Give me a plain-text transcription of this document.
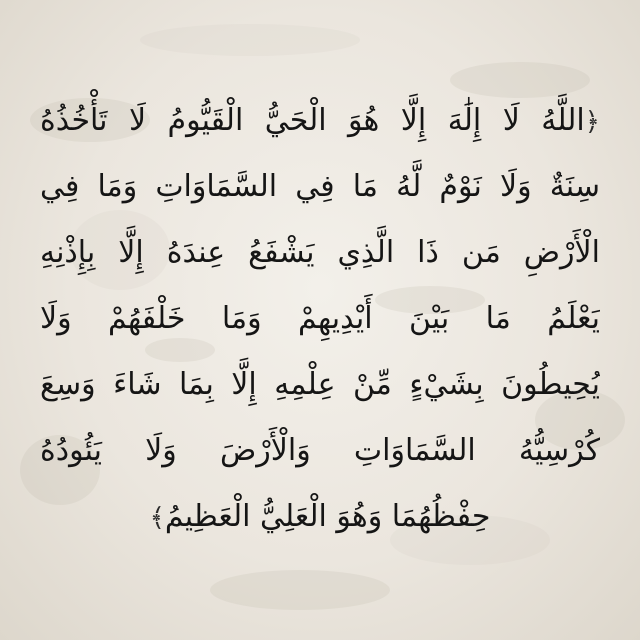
﴿اللَّهُ لَا إِلَٰهَ إِلَّا هُوَ الْحَيُّ الْقَيُّومُ لَا تَأْخُذُهُ
سِنَةٌ وَلَا نَوْمٌ لَّهُ مَا فِي السَّمَاوَاتِ وَمَا فِي
الْأَرْضِ مَن ذَا الَّذِي يَشْفَعُ عِندَهُ إِلَّا بِإِذْنِهِ
يَعْلَمُ مَا بَيْنَ أَيْدِيهِمْ وَمَا خَلْفَهُمْ وَلَا
يُحِيطُونَ بِشَيْءٍ مِّنْ عِلْمِهِ إِلَّا بِمَا شَاءَ وَسِعَ
كُرْسِيُّهُ السَّمَاوَاتِ وَالْأَرْضَ وَلَا يَئُودُهُ
حِفْظُهُمَا وَهُوَ الْعَلِيُّ الْعَظِيمُ﴾
